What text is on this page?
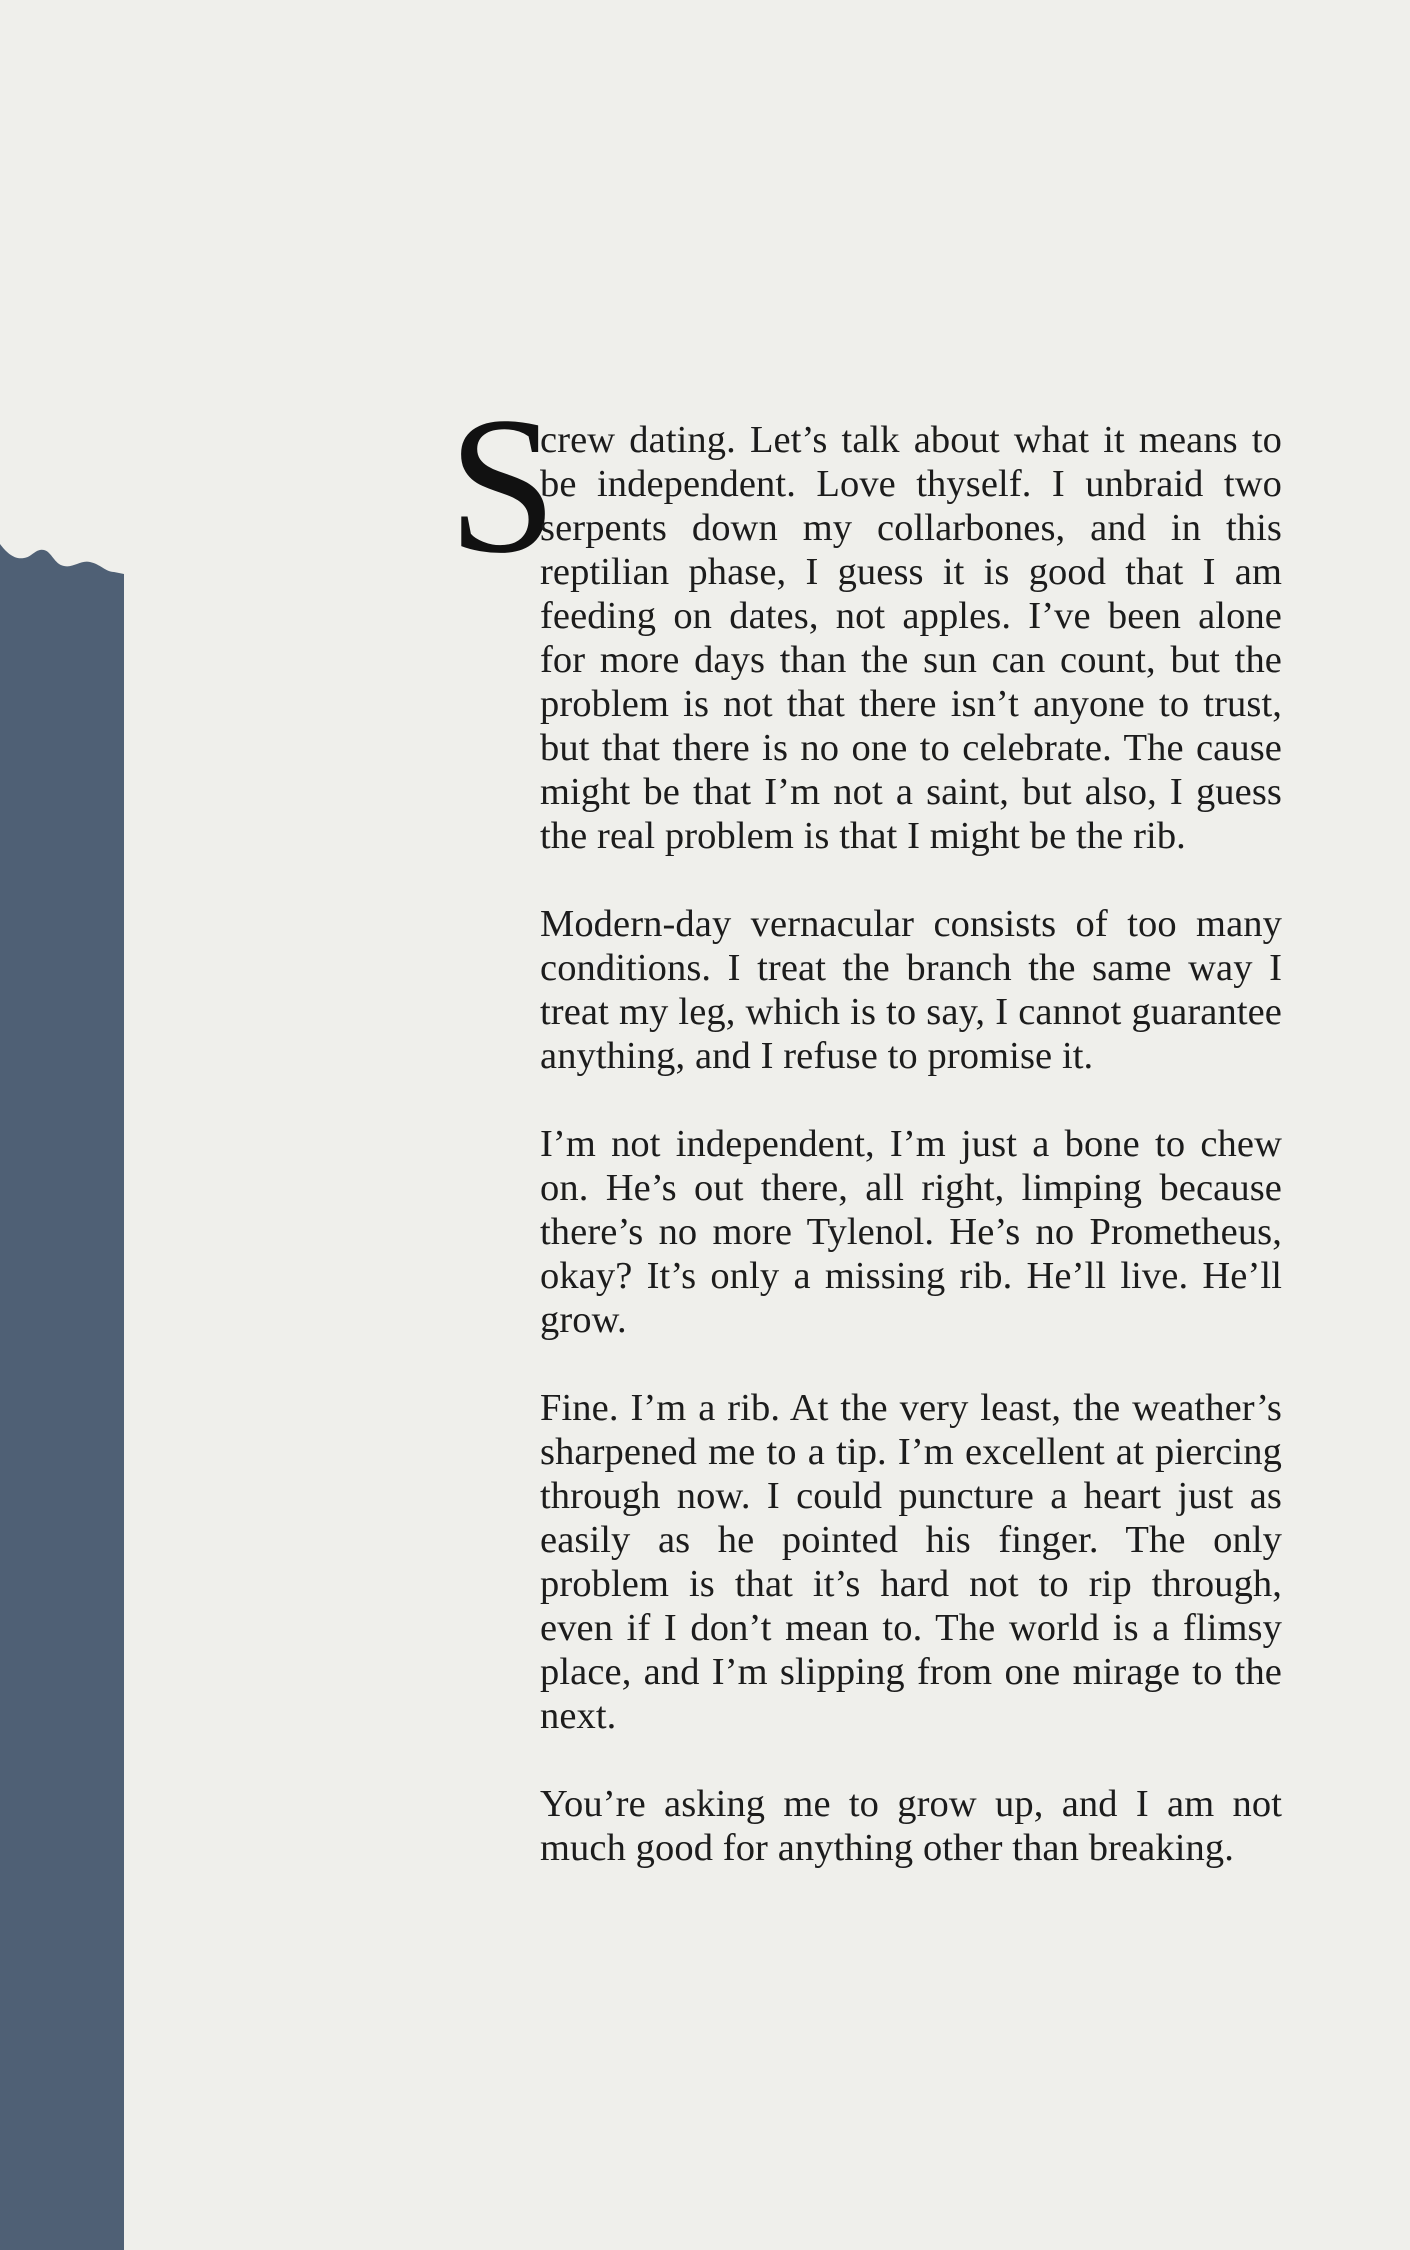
S
crew dating. Let’s talk about what it means to be independent. Love thyself. I unbraid two serpents down my collarbones, and in this reptilian phase, I guess it is good that I am feeding on dates, not apples. I’ve been alone for more days than the sun can count, but the problem is not that there isn’t anyone to trust, but that there is no one to celebrate. The cause might be that I’m not a saint, but also, I guess the real problem is that I might be the rib.

Modern-day vernacular consists of too many conditions. I treat the branch the same way I treat my leg, which is to say, I cannot guarantee anything, and I refuse to promise it.

I’m not independent, I’m just a bone to chew on. He’s out there, all right, limping because there’s no more Tylenol. He’s no Prometheus, okay? It’s only a missing rib. He’ll live. He’ll grow.

Fine. I’m a rib. At the very least, the weather’s sharpened me to a tip. I’m excellent at piercing through now. I could puncture a heart just as easily as he pointed his finger. The only problem is that it’s hard not to rip through, even if I don’t mean to. The world is a flimsy place, and I’m slipping from one mirage to the next.

You’re asking me to grow up, and I am not much good for anything other than breaking.
